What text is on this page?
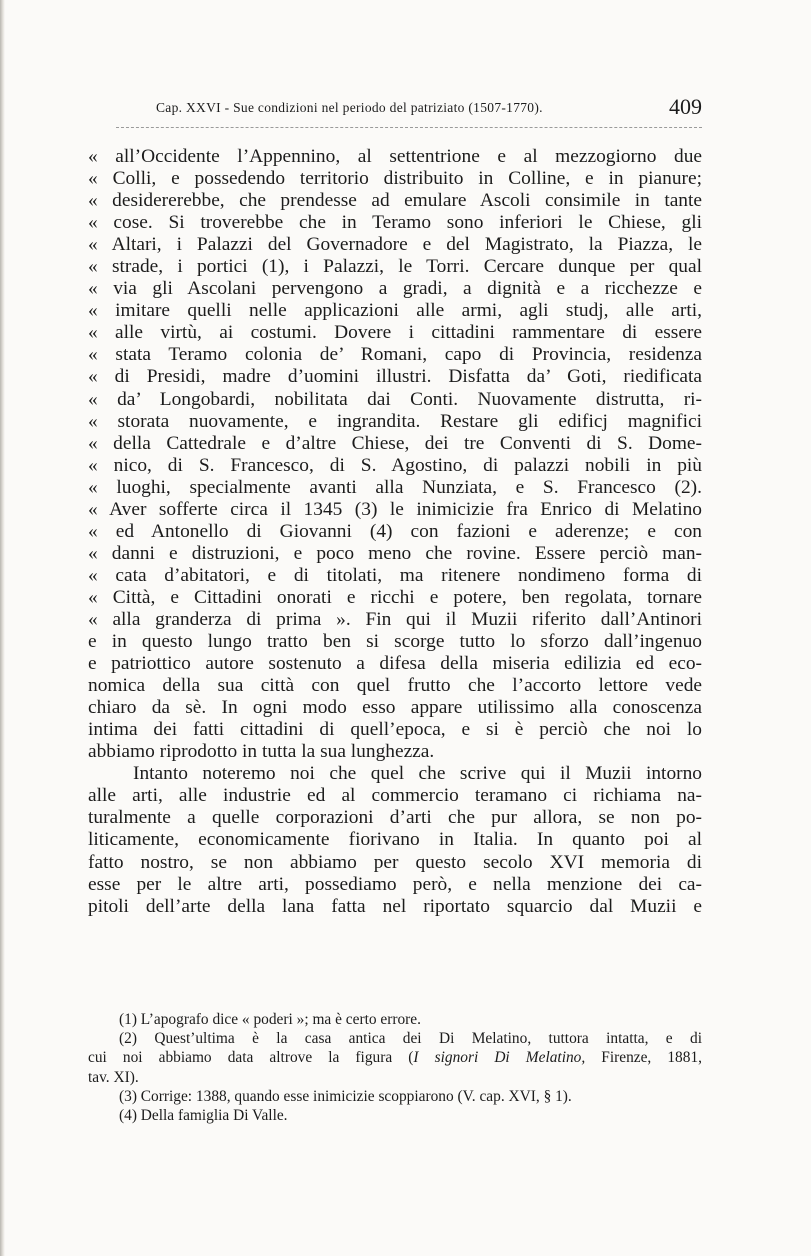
Cap. XXVI - Sue condizioni nel periodo del patriziato (1507-1770).	409
« all’Occidente l’Appennino, al settentrione e al mezzogiorno due
« Colli, e possedendo territorio distribuito in Colline, e in pianure;
« desidererebbe, che prendesse ad emulare Ascoli consimile in tante
« cose. Si troverebbe che in Teramo sono inferiori le Chiese, gli
« Altari, i Palazzi del Governadore e del Magistrato, la Piazza, le
« strade, i portici (1), i Palazzi, le Torri. Cercare dunque per qual
« via gli Ascolani pervengono a gradi, a dignità e a ricchezze e
« imitare quelli nelle applicazioni alle armi, agli studj, alle arti,
« alle virtù, ai costumi. Dovere i cittadini rammentare di essere
« stata Teramo colonia de’ Romani, capo di Provincia, residenza
« di Presidi, madre d’uomini illustri. Disfatta da’ Goti, riedificata
« da’ Longobardi, nobilitata dai Conti. Nuovamente distrutta, ri-
« storata nuovamente, e ingrandita. Restare gli edificj magnifici
« della Cattedrale e d’altre Chiese, dei tre Conventi di S. Dome-
« nico, di S. Francesco, di S. Agostino, di palazzi nobili in più
« luoghi, specialmente avanti alla Nunziata, e S. Francesco (2).
« Aver sofferte circa il 1345 (3) le inimicizie fra Enrico di Melatino
« ed Antonello di Giovanni (4) con fazioni e aderenze; e con
« danni e distruzioni, e poco meno che rovine. Essere perciò man-
« cata d’abitatori, e di titolati, ma ritenere nondimeno forma di
« Città, e Cittadini onorati e ricchi e potere, ben regolata, tornare
« alla granderza di prima ». Fin qui il Muzii riferito dall’Antinori
e in questo lungo tratto ben si scorge tutto lo sforzo dall’ingenuo
e patriottico autore sostenuto a difesa della miseria edilizia ed eco-
nomica della sua città con quel frutto che l’accorto lettore vede
chiaro da sè. In ogni modo esso appare utilissimo alla conoscenza
intima dei fatti cittadini di quell’epoca, e si è perciò che noi lo
abbiamo riprodotto in tutta la sua lunghezza.
Intanto noteremo noi che quel che scrive qui il Muzii intorno
alle arti, alle industrie ed al commercio teramano ci richiama na-
turalmente a quelle corporazioni d’arti che pur allora, se non po-
liticamente, economicamente fiorivano in Italia. In quanto poi al
fatto nostro, se non abbiamo per questo secolo XVI memoria di
esse per le altre arti, possediamo però, e nella menzione dei ca-
pitoli dell’arte della lana fatta nel riportato squarcio dal Muzii e
(1) L’apografo dice « poderi »; ma è certo errore.
(2) Quest’ultima è la casa antica dei Di Melatino, tuttora intatta, e di
cui noi abbiamo data altrove la figura (I signori Di Melatino, Firenze, 1881,
tav. XI).
(3) Corrige: 1388, quando esse inimicizie scoppiarono (V. cap. XVI, § 1).
(4) Della famiglia Di Valle.
